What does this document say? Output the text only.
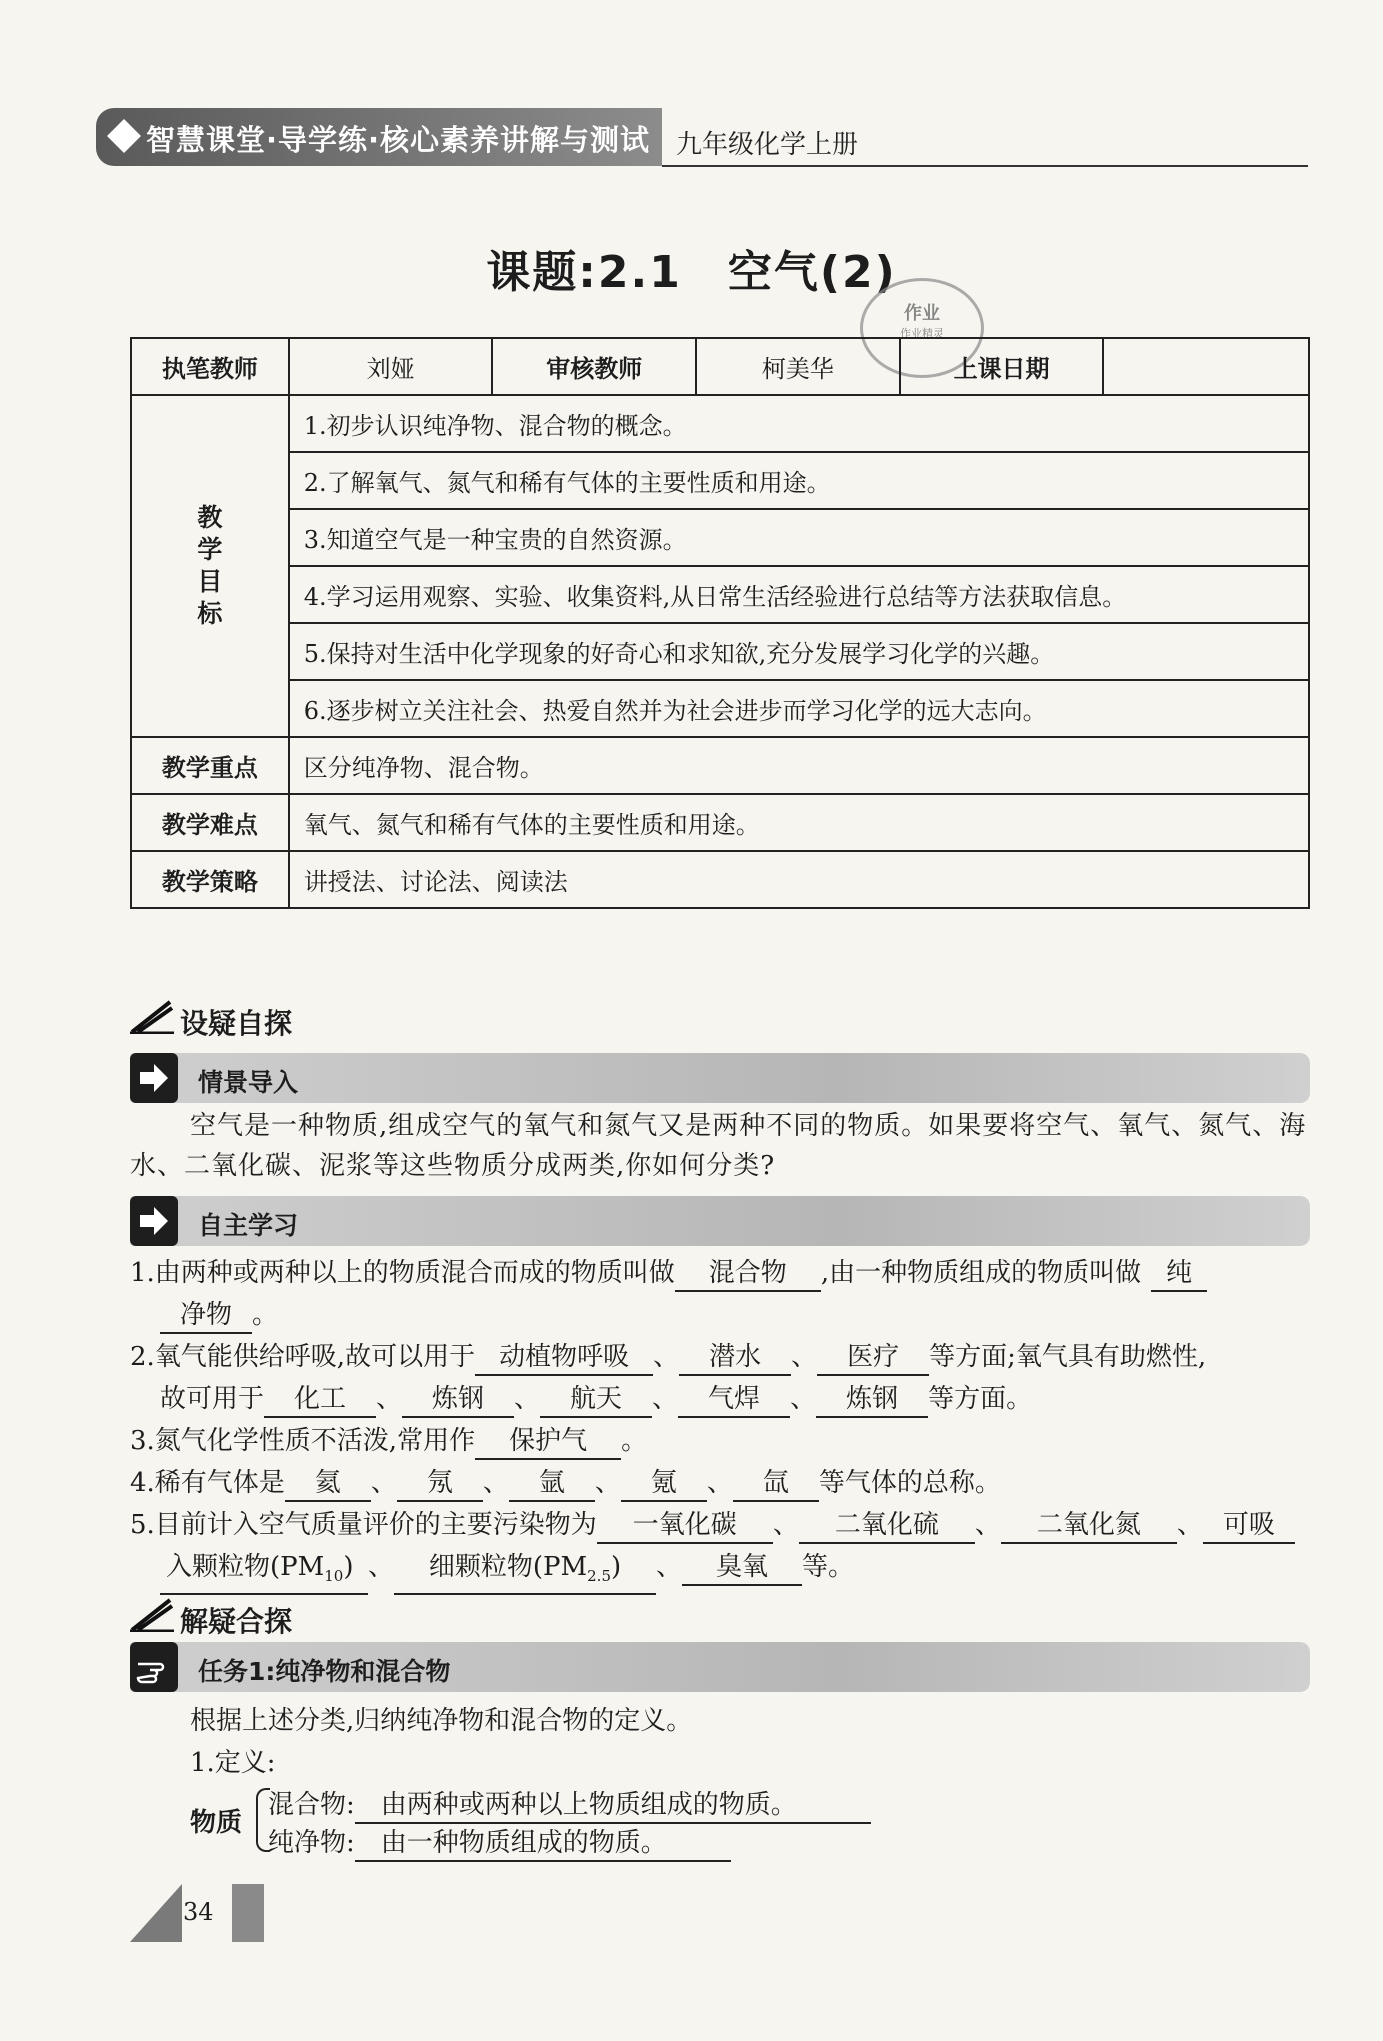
智慧课堂·导学练·核心素养讲解与测试 九年级化学上册
课题:2.1　空气(2)
作业
作业精灵
执笔教师	刘娅	审核教师	柯美华	上课日期	

教学目标	1.初步认识纯净物、混合物的概念。				
	2.了解氧气、氮气和稀有气体的主要性质和用途。				
	3.知道空气是一种宝贵的自然资源。				
	4.学习运用观察、实验、收集资料,从日常生活经验进行总结等方法获取信息。				
	5.保持对生活中化学现象的好奇心和求知欲,充分发展学习化学的兴趣。				
	6.逐步树立关注社会、热爱自然并为社会进步而学习化学的远大志向。				
教学重点	区分纯净物、混合物。				
教学难点	氧气、氮气和稀有气体的主要性质和用途。				
教学策略	讲授法、讨论法、阅读法				
设疑自探
情景导入
空气是一种物质,组成空气的氧气和氮气又是两种不同的物质。如果要将空气、氧气、氮气、海水、二氧化碳、泥浆等这些物质分成两类,你如何分类?
自主学习
1.由两种或两种以上的物质混合而成的物质叫做 混合物 ,由一种物质组成的物质叫做 纯
净物 。
2.氧气能供给呼吸,故可以用于 动植物呼吸 、 潜水 、 医疗 等方面;氧气具有助燃性,
故可用于 化工 、 炼钢 、 航天 、 气焊 、 炼钢 等方面。
3.氮气化学性质不活泼,常用作 保护气 。
4.稀有气体是 氦 、 氖 、 氩 、 氪 、 氙 等气体的总称。
5.目前计入空气质量评价的主要污染物为 一氧化碳 、 二氧化硫 、 二氧化氮 、 可吸
入颗粒物$(PM_{10})$ 、 细颗粒物$(PM_{2.5})$ 、 臭氧 等。
解疑合探
任务1:纯净物和混合物
根据上述分类,归纳纯净物和混合物的定义。
1.定义:
物质
混合物: 由两种或两种以上物质组成的物质。
纯净物: 由一种物质组成的物质。
34
